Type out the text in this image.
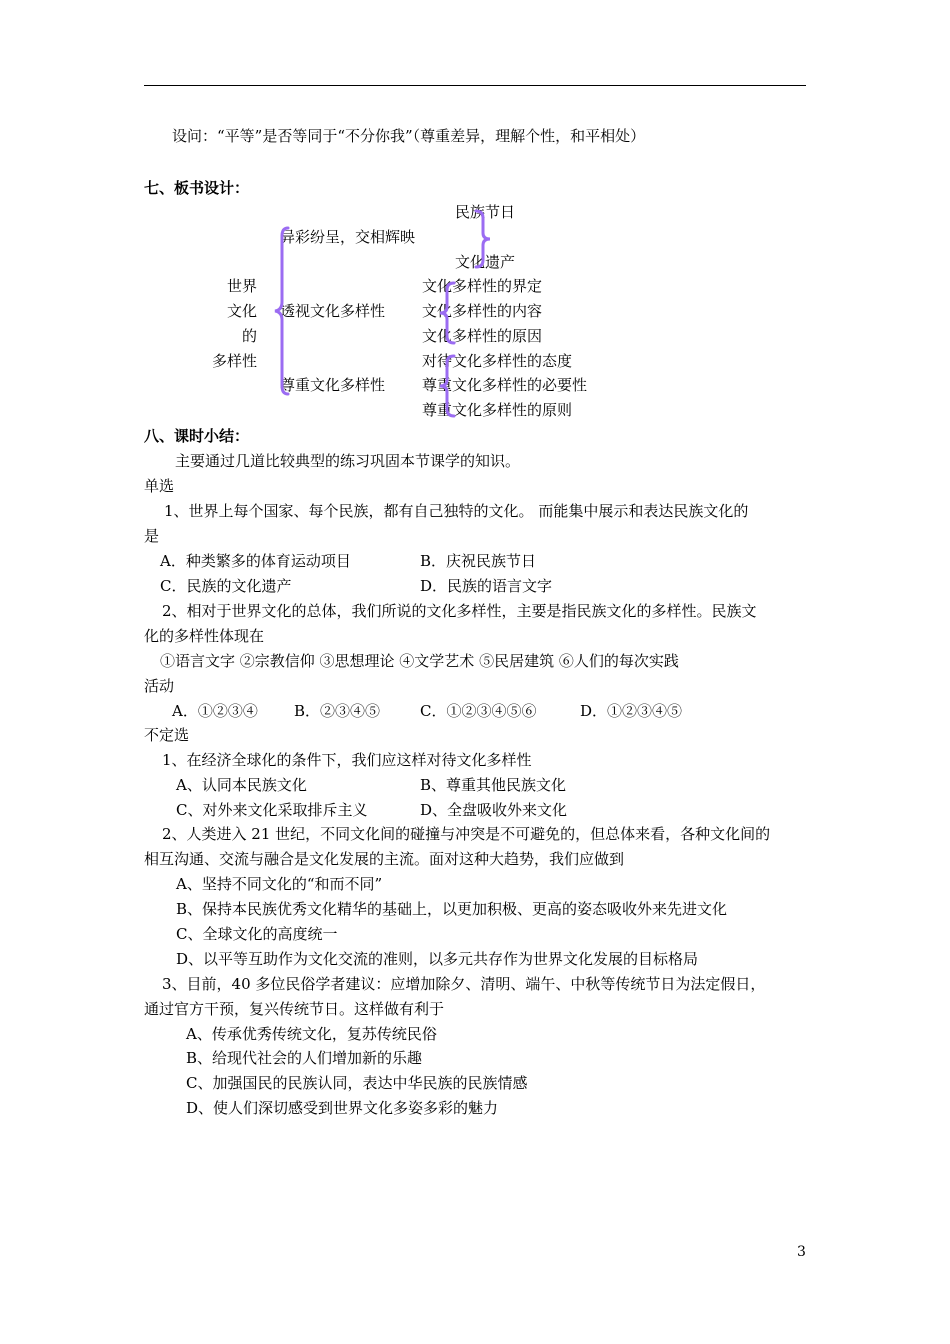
设问：“平等”是否等同于“不分你我”（尊重差异，理解个性，和平相处）
七、板书设计：
世界
文化
的
多样性
异彩纷呈，交相辉映
透视文化多样性
尊重文化多样性
民族节日
文化遗产
文化多样性的界定
文化多样性的内容
文化多样性的原因
对待文化多样性的态度
尊重文化多样性的必要性
尊重文化多样性的原则
八、课时小结：
主要通过几道比较典型的练习巩固本节课学的知识。
单选
1、世界上每个国家、每个民族，都有自己独特的文化。 而能集中展示和表达民族文化的
是
A．种类繁多的体育运动项目	B．庆祝民族节日
C．民族的文化遗产	D．民族的语言文字
2、相对于世界文化的总体，我们所说的文化多样性，主要是指民族文化的多样性。民族文
化的多样性体现在
①语言文字 ②宗教信仰 ③思想理论 ④文学艺术 ⑤民居建筑 ⑥人们的每次实践
活动
A．①②③④ B．②③④⑤	C．①②③④⑤⑥	D．①②③④⑤
不定选
1、在经济全球化的条件下，我们应这样对待文化多样性
A、认同本民族文化	B、尊重其他民族文化
C、对外来文化采取排斥主义	D、全盘吸收外来文化
2、人类进入 21 世纪，不同文化间的碰撞与冲突是不可避免的，但总体来看，各种文化间的
相互沟通、交流与融合是文化发展的主流。面对这种大趋势，我们应做到
A、坚持不同文化的“和而不同”
B、保持本民族优秀文化精华的基础上，以更加积极、更高的姿态吸收外来先进文化
C、全球文化的高度统一
D、以平等互助作为文化交流的准则，以多元共存作为世界文化发展的目标格局
3、目前，40 多位民俗学者建议：应增加除夕、清明、端午、中秋等传统节日为法定假日，
通过官方干预，复兴传统节日。这样做有利于
A、传承优秀传统文化，复苏传统民俗
B、给现代社会的人们增加新的乐趣
C、加强国民的民族认同，表达中华民族的民族情感
D、使人们深切感受到世界文化多姿多彩的魅力
3
